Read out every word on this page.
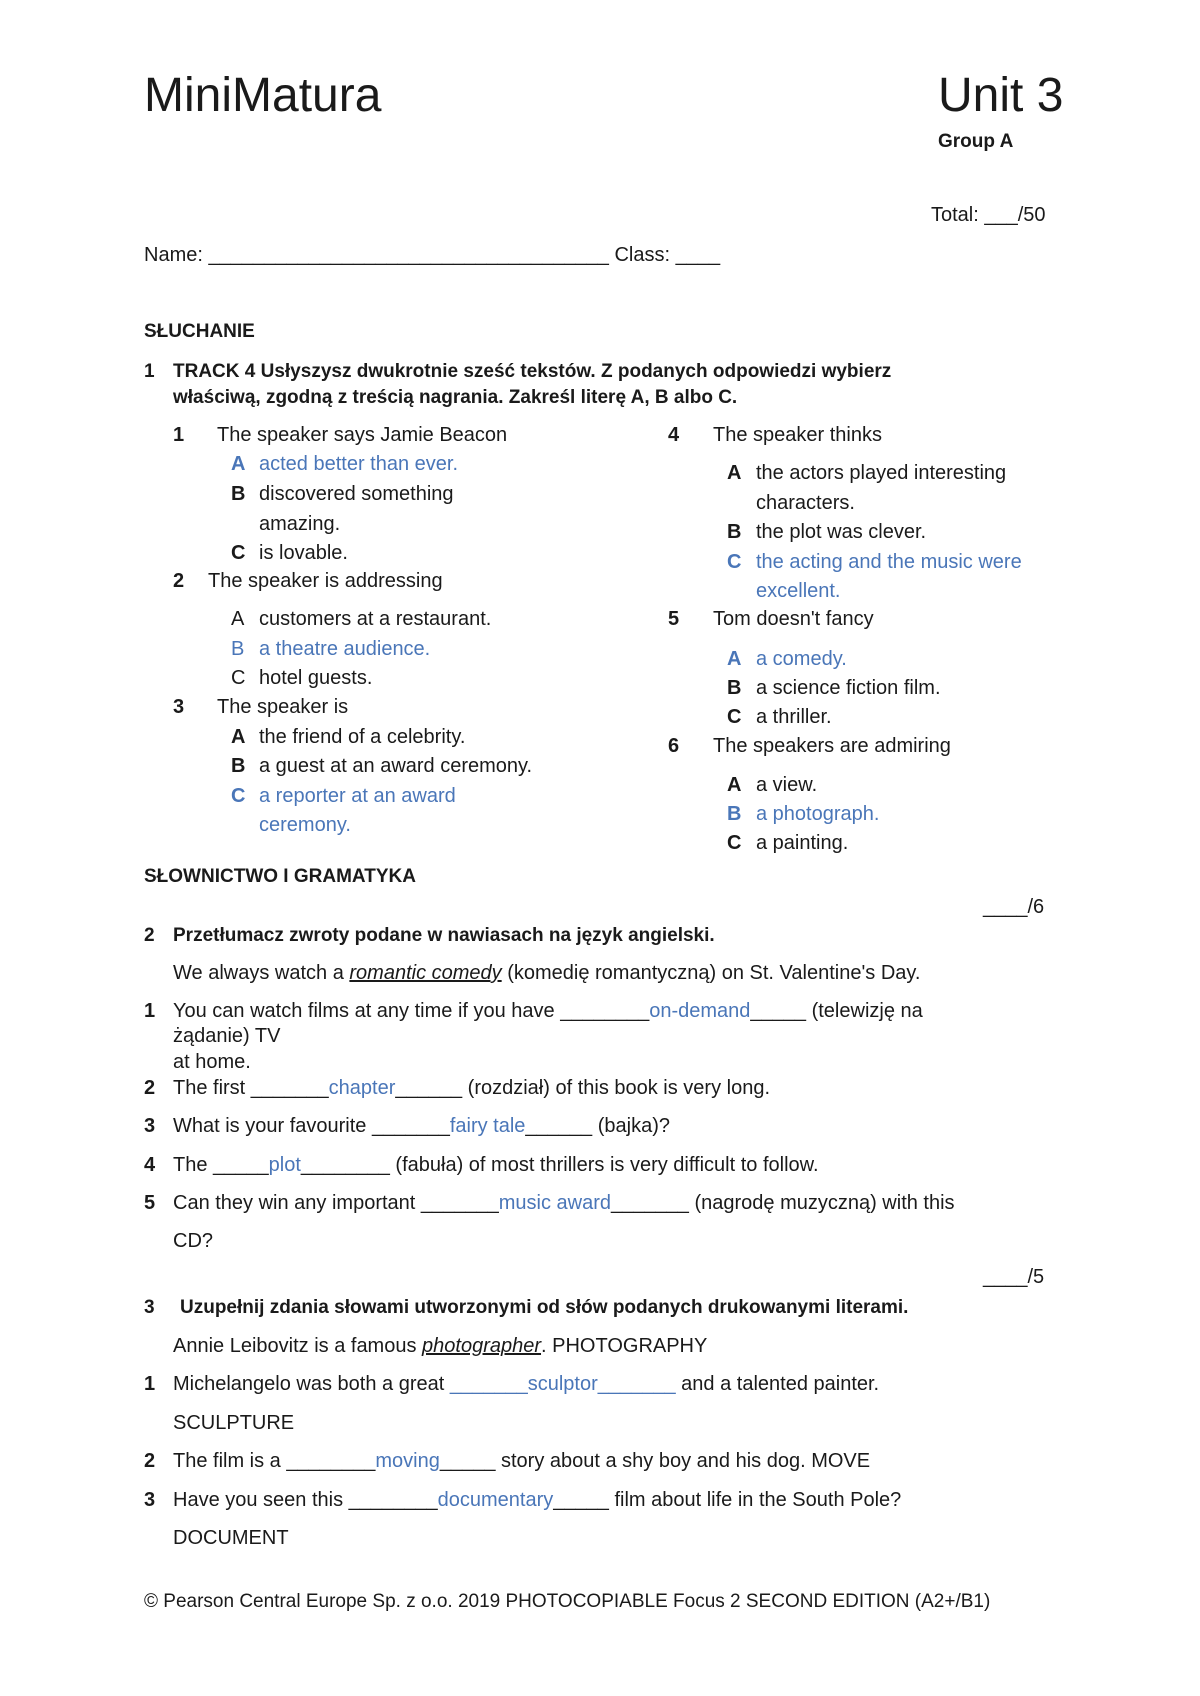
MiniMatura	Unit 3
Group A
Total: ___/50
Name: ____________________________________ Class: ____
SŁUCHANIE
1 TRACK 4 Usłyszysz dwukrotnie sześć tekstów. Z podanych odpowiedzi wybierz
właściwą, zgodną z treścią nagrania. Zakreśl literę A, B albo C.
1 The speaker says Jamie Beacon
A acted better than ever.
B discovered something
amazing.
C is lovable.
2 The speaker is addressing
A customers at a restaurant.
B a theatre audience.
C hotel guests.
3 The speaker is
A the friend of a celebrity.
B a guest at an award ceremony.
C a reporter at an award
ceremony.
4 The speaker thinks
A the actors played interesting
characters.
B the plot was clever.
C the acting and the music were
excellent.
5 Tom doesn't fancy
A a comedy.
B a science fiction film.
C a thriller.
6 The speakers are admiring
A a view.
B a photograph.
C a painting.
SŁOWNICTWO I GRAMATYKA
____/6
2 Przetłumacz zwroty podane w nawiasach na język angielski.
We always watch a romantic comedy (komedię romantyczną) on St. Valentine's Day.
1 You can watch films at any time if you have ________on-demand_____ (telewizję na
żądanie) TV
at home.
2 The first _______chapter______ (rozdział) of this book is very long.
3 What is your favourite _______fairy tale______ (bajka)?
4 The _____plot________ (fabuła) of most thrillers is very difficult to follow.
5 Can they win any important _______music award_______ (nagrodę muzyczną) with this
CD?
____/5
3 Uzupełnij zdania słowami utworzonymi od słów podanych drukowanymi literami.
Annie Leibovitz is a famous photographer. PHOTOGRAPHY
1 Michelangelo was both a great _______sculptor_______ and a talented painter.
SCULPTURE
2 The film is a ________moving_____ story about a shy boy and his dog. MOVE
3 Have you seen this ________documentary_____ film about life in the South Pole?
DOCUMENT
© Pearson Central Europe Sp. z o.o. 2019 PHOTOCOPIABLE Focus 2 SECOND EDITION (A2+/B1)
